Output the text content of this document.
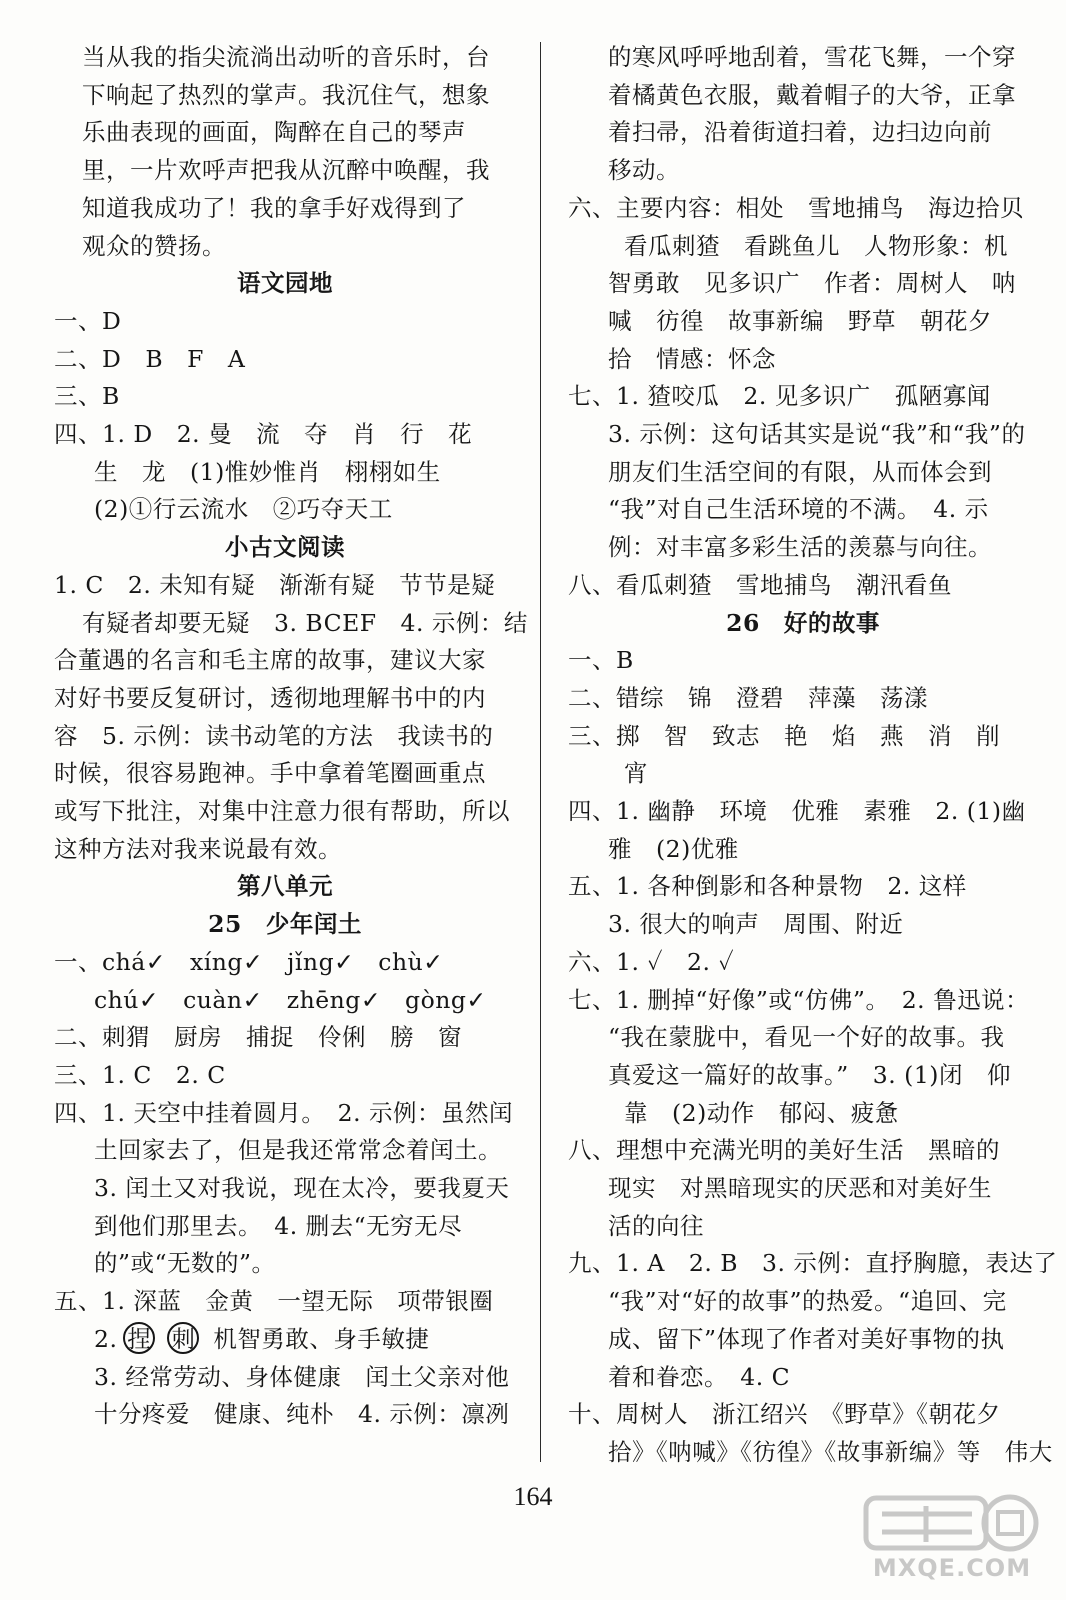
当从我的指尖流淌出动听的音乐时，台
下响起了热烈的掌声。我沉住气，想象
乐曲表现的画面，陶醉在自己的琴声
里，一片欢呼声把我从沉醉中唤醒，我
知道我成功了！我的拿手好戏得到了
观众的赞扬。
语文园地
一、D
二、D　B　F　A
三、B
四、1. D　2. 曼　流　夺　肖　行　花
生　龙　(1)惟妙惟肖　栩栩如生
(2)①行云流水　②巧夺天工
小古文阅读
1. C　2. 未知有疑　渐渐有疑　节节是疑
有疑者却要无疑　3. BCEF　4. 示例：结
合董遇的名言和毛主席的故事，建议大家
对好书要反复研讨，透彻地理解书中的内
容　5. 示例：读书动笔的方法　我读书的
时候，很容易跑神。手中拿着笔圈画重点
或写下批注，对集中注意力很有帮助，所以
这种方法对我来说最有效。
第八单元
25　少年闰土
一、chá✓　xíng✓　jǐng✓　chù✓
chú✓　cuàn✓　zhēng✓　gòng✓
二、刺猬　厨房　捕捉　伶俐　膀　窗
三、1. C　2. C
四、1. 天空中挂着圆月。　2. 示例：虽然闰
土回家去了，但是我还常常念着闰土。
3. 闰土又对我说，现在太冷，要我夏天
到他们那里去。　4. 删去“无穷无尽
的”或“无数的”。
五、1. 深蓝　金黄　一望无际　项带银圈
2. 捏 刺 机智勇敢、身手敏捷
3. 经常劳动、身体健康　闰土父亲对他
十分疼爱　健康、纯朴　4. 示例：凛冽
的寒风呼呼地刮着，雪花飞舞，一个穿
着橘黄色衣服，戴着帽子的大爷，正拿
着扫帚，沿着街道扫着，边扫边向前
移动。
六、主要内容：相处　雪地捕鸟　海边拾贝
看瓜刺猹　看跳鱼儿　人物形象：机
智勇敢　见多识广　作者：周树人　呐
喊　彷徨　故事新编　野草　朝花夕
拾　情感：怀念
七、1. 猹咬瓜　2. 见多识广　孤陋寡闻
3. 示例：这句话其实是说“我”和“我”的
朋友们生活空间的有限，从而体会到
“我”对自己生活环境的不满。　4. 示
例：对丰富多彩生活的羡慕与向往。
八、看瓜刺猹　雪地捕鸟　潮汛看鱼
26　好的故事
一、B
二、错综　锦　澄碧　萍藻　荡漾
三、掷　智　致志　艳　焰　燕　消　削
宵
四、1. 幽静　环境　优雅　素雅　2. (1)幽
雅　(2)优雅
五、1. 各种倒影和各种景物　2. 这样
3. 很大的响声　周围、附近
六、1. ✓　2. ✓
七、1. 删掉“好像”或“仿佛”。　2. 鲁迅说：
“我在蒙胧中，看见一个好的故事。我
真爱这一篇好的故事。”　3. (1)闭　仰
靠　(2)动作　郁闷、疲惫
八、理想中充满光明的美好生活　黑暗的
现实　对黑暗现实的厌恶和对美好生
活的向往
九、1. A　2. B　3. 示例：直抒胸臆，表达了
“我”对“好的故事”的热爱。“追回、完
成、留下”体现了作者对美好事物的执
着和眷恋。　4. C
十、周树人　浙江绍兴　《野草》《朝花夕
拾》《呐喊》《彷徨》《故事新编》等　伟大
164
MXQE.COM
